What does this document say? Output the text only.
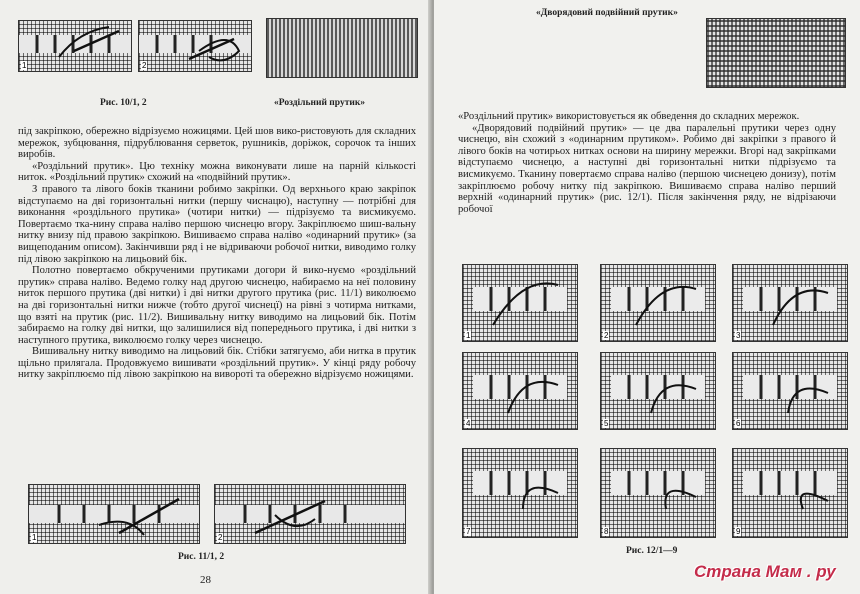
1	2
Рис. 10/1, 2	«Роздільний прутик»

під закріпкою, обережно відрізуємо ножицями. Цей шов вико-ристовують для складних мережок, зубцювання, підрублювання серветок, рушників, доріжок, сорочок та інших виробів.

«Роздільний прутик». Цю техніку можна виконувати лише на парній кількості ниток. «Роздільний прутик» схожий на «подвійний прутик».

З правого та лівого боків тканини робимо закріпки. Од верхнього краю закріпок відступаємо на дві горизонтальні нитки (першу чиснацю), наступну — потрібні для виконання «роздільного прутика» (чотири нитки) — підрізуємо та висмикуємо. Повертаємо тка-нину справа наліво першою чиснецю вгору. Закріплюємо шиш-вальну нитку внизу під правою закріпкою. Вишиваємо справа наліво «одинарний прутик» (за вищеподаним описом). Закінчивши ряд і не відриваючи робочої нитки, виводимо голку під лівою закріпкою на лицьовий бік.

Полотно повертаємо обкрученими прутиками догори й вико-нуємо «роздільний прутик» справа наліво. Ведемо голку над другою чиснецю, набираємо на неї половину ниток першого прутика (дві нитки) і дві нитки другого прутика (рис. 11/1) виколюємо на дві горизонтальні нитки нижче (тобто другої чиснецї) на рівні з чотирма нитками, що взяті на прутик (рис. 11/2). Вишивальну нитку виводимо на лицьовий бік. Потім забираємо на голку дві нитки, що залишилися від попереднього прутика, і дві нитки з наступного прутика, виколюємо голку через чиснецю.

Вишивальну нитку виводимо на лицьовий бік. Стібки затягуємо, аби нитка в прутик щільно прилягала. Продовжуємо вишивати «роздільний прутик». У кінці ряду робочу нитку закріплюємо під лівою закріпкою на вивороті та обережно відрізуємо ножицями.

1	2
Рис. 11/1, 2
28
«Дворядовий подвійний прутик»

«Роздільний прутик» використовується як обведення до складних мережок.

«Дворядовий подвійний прутик» — це два паралельні прутики через одну чиснецю, він схожий з «одинарним прутиком». Робимо дві закріпки з правого й лівого боків на чотирьох нитках основи на ширину мережки. Вгорі над закріпками відступаємо чиснецю, а наступні дві горизонтальні нитки підрізуємо та висмикуємо. Тканину повертаємо справа наліво (першою чиснецею донизу), потім закріплюємо робочу нитку під закріпкою. Вишиваємо справа наліво перший верхній «одинарний прутик» (рис. 12/1). Після закінчення ряду, не відрізаючи робочої

Рис. 12/1—9
1	2	3
4	5	6
7	8	9
Страна Мам . ру
